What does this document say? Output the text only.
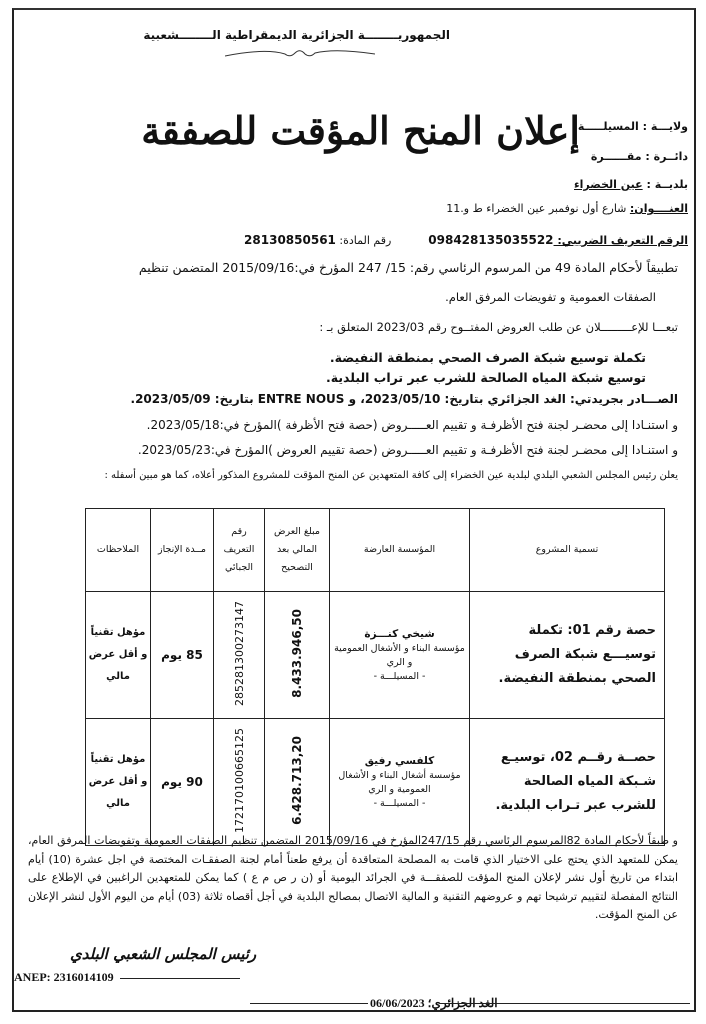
الجمهوريــــــــة الجزائرية الديمقراطية الــــــــشعبية
إعلان المنح المؤقت للصفقة
ولايـــة : المسيلـــــة
دائــرة : مقــــــرة
بلديــة : عين الخضراء
العنــــوان: شارع أول نوفمبر عين الخضراء ط و.11
الرقم التعريف الضريبي: 098428135035522  رقم المادة: 28130850561
تطبيقاً لأحكام المادة 49 من المرسوم الرئاسي رقم: 15/ 247 المؤرخ في:2015/09/16 المتضمن تنظيم
الصفقات العمومية و تفويضات المرفق العام.
تبعـــا للإعـــــــــلان عن طلب العروض المفتــوح رقم 2023/03 المتعلق بـ :
تكملة توسيع شبكة الصرف الصحي بمنطقة النفيضة.
توسيع شبكة المياه الصالحة للشرب عبر تراب البلدية.
الصـــادر بجريدتي: الغد الجزائري بتاريخ: 2023/05/10، و ENTRE NOUS بتاريخ: 2023/05/09.
و استنـادا إلى محضـر لجنة فتح الأظرفـة و تقييم العـــــروض (حصة فتح الأظرفة )المؤرخ في:2023/05/18.
و استنـادا إلى محضـر لجنة فتح الأظرفـة و تقييم العـــــروض (حصة تقييم العروض )المؤرخ في:2023/05/23.
يعلن رئيس المجلس الشعبي البلدي لبلدية عين الخضراء إلى كافة المتعهدين عن المنح المؤقت للمشروع المذكور أعلاه، كما هو مبين أسفله :
تسمية المشروع	المؤسسة العارضة	مبلغ العرض المالي بعد التصحيح	رقم التعريف الجبائي	مــدة الإنجاز	الملاحظات
حصة رقم 01: تكملة توسيـــع شبكة الصرف الصحي بمنطقة النفيضة.	شيخي كنـــزة
مؤسسة البناء و الأشغال العمومية و الري
- المسيلـــة -	8.433.946,50	285281300273147	85 يوم	مؤهل تقنياً و أقل عرض مالي
حصــة رقــم 02، توسيـع شـبكة المياه الصالحة للشرب عبر تـراب البلدية.	كلفسي رفيق
مؤسسة أشغال البناء و الأشغال العمومية و الري
- المسيلـــة -	6.428.713,20	172170100665125	90 يوم	مؤهل تقنياً و أقل عرض مالي
و طبقاً لأحكام المادة 82المرسوم الرئاسي رقم 247/15المؤرخ في 2015/09/16 المتضمن تنظيم الصفقات العمومية وتفويضات المرفق العام، يمكن للمتعهد الذي يحتج على الاختيار الذي قامت به المصلحة المتعاقدة أن يرفع طعناً أمام لجنة الصفقـات المختصة في اجل عشرة (10) أيام ابتداء من تاريخ أول نشر لإعلان المنح المؤقت للصفقـــة في الجرائد اليومية أو (ن ر ص م ع ) كما يمكن للمتعهدين الراغبين في الإطلاع على النتائج المفصلة لتقييم ترشيحا تهم و عروضهم التقنية و المالية الاتصال بمصالح البلدية في أجل أقصاه ثلاثة (03) أيام من اليوم الأول لنشر الإعلان عن المنح المؤقت.
رئيس المجلس الشعبي البلدي
ANEP: 2316014109
الغد الجزائري؛ 06/06/2023
